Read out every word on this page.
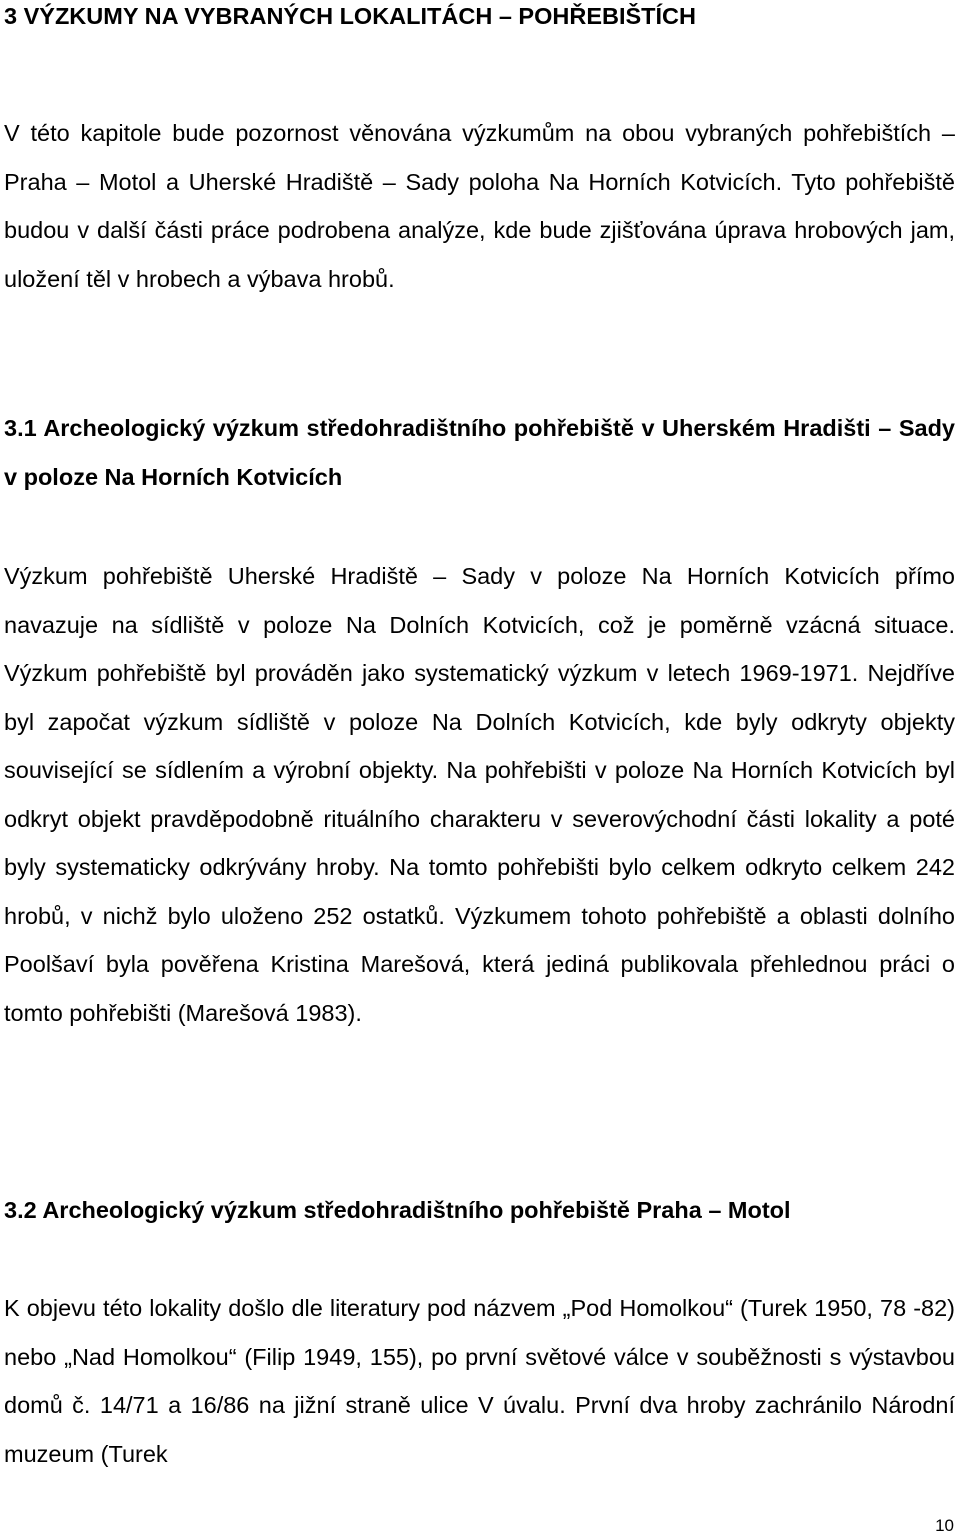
3 VÝZKUMY NA VYBRANÝCH LOKALITÁCH – POHŘEBIŠTÍCH

V této kapitole bude pozornost věnována výzkumům na obou vybraných pohřebištích – Praha – Motol a Uherské Hradiště – Sady poloha Na Horních Kotvicích. Tyto pohřebiště budou v další části práce podrobena analýze, kde bude zjišťována úprava hrobových jam, uložení těl v hrobech a výbava hrobů.

3.1 Archeologický výzkum středohradištního pohřebiště v Uherském Hradišti – Sady v poloze Na Horních Kotvicích

Výzkum pohřebiště Uherské Hradiště – Sady v poloze Na Horních Kotvicích přímo navazuje na sídliště v poloze Na Dolních Kotvicích, což je poměrně vzácná situace. Výzkum pohřebiště byl prováděn jako systematický výzkum v letech 1969-1971. Nejdříve byl započat výzkum sídliště v poloze Na Dolních Kotvicích, kde byly odkryty objekty související se sídlením a výrobní objekty. Na pohřebišti v poloze Na Horních Kotvicích byl odkryt objekt pravděpodobně rituálního charakteru v severovýchodní části lokality a poté byly systematicky odkrývány hroby. Na tomto pohřebišti bylo celkem odkryto celkem 242 hrobů, v nichž bylo uloženo 252 ostatků. Výzkumem tohoto pohřebiště a oblasti dolního Poolšaví byla pověřena Kristina Marešová, která jediná publikovala přehlednou práci o tomto pohřebišti (Marešová 1983).

3.2 Archeologický výzkum středohradištního pohřebiště Praha – Motol

K objevu této lokality došlo dle literatury pod názvem „Pod Homolkou“ (Turek 1950, 78 -82) nebo „Nad Homolkou“ (Filip 1949, 155), po první světové válce v souběžnosti s výstavbou domů č. 14/71 a 16/86 na jižní straně ulice V úvalu. První dva hroby zachránilo Národní muzeum (Turek

10
